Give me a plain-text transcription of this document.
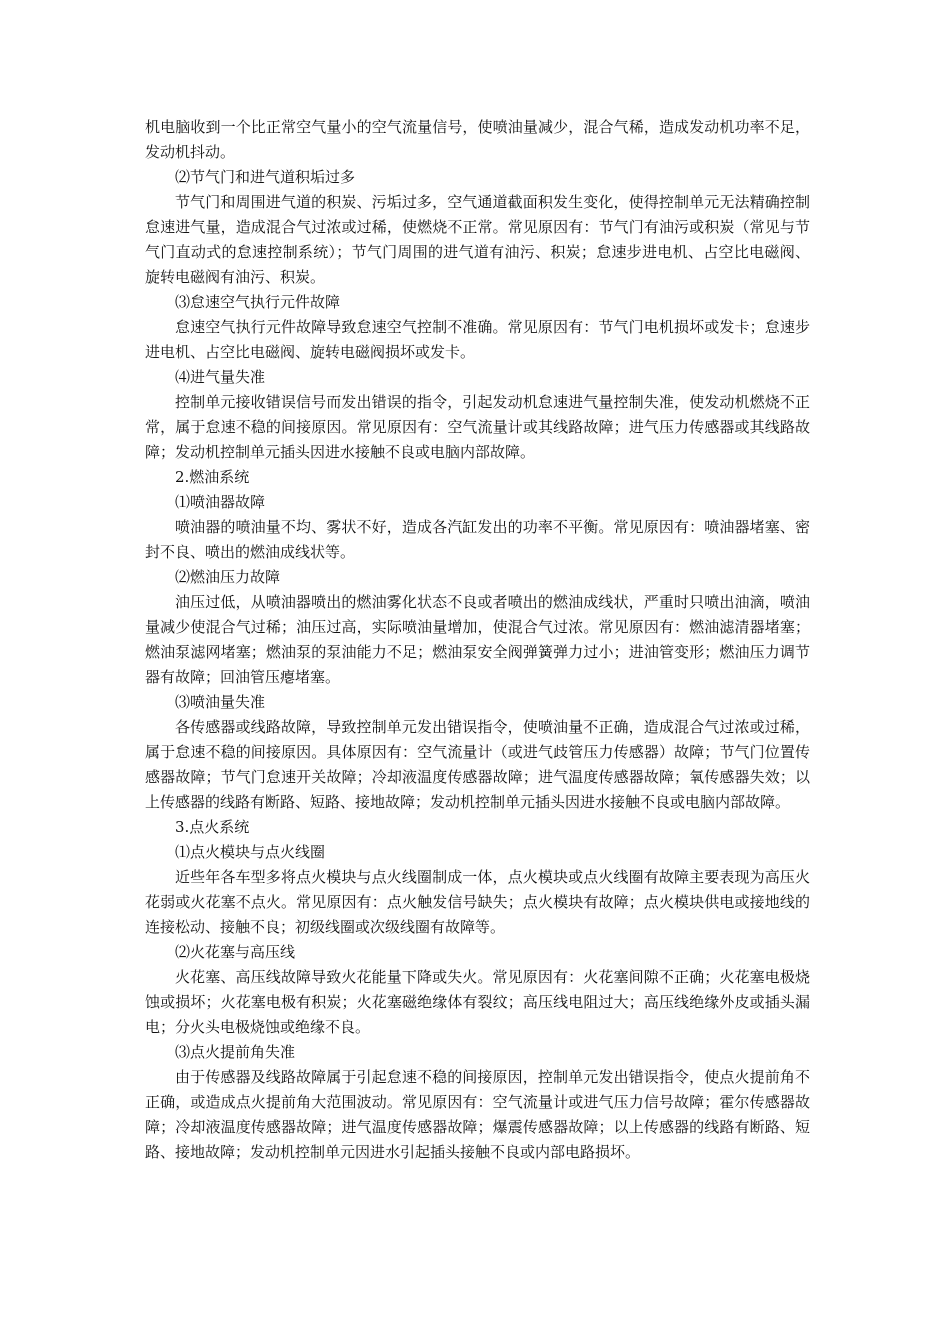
机电脑收到一个比正常空气量小的空气流量信号，使喷油量减少，混合气稀，造成发动机功率不足，发动机抖动。

⑵节气门和进气道积垢过多

节气门和周围进气道的积炭、污垢过多，空气通道截面积发生变化，使得控制单元无法精确控制怠速进气量，造成混合气过浓或过稀，使燃烧不正常。常见原因有：节气门有油污或积炭（常见与节气门直动式的怠速控制系统）；节气门周围的进气道有油污、积炭；怠速步进电机、占空比电磁阀、旋转电磁阀有油污、积炭。

⑶怠速空气执行元件故障

怠速空气执行元件故障导致怠速空气控制不准确。常见原因有：节气门电机损坏或发卡；怠速步进电机、占空比电磁阀、旋转电磁阀损坏或发卡。

⑷进气量失准

控制单元接收错误信号而发出错误的指令，引起发动机怠速进气量控制失准，使发动机燃烧不正常，属于怠速不稳的间接原因。常见原因有：空气流量计或其线路故障；进气压力传感器或其线路故障；发动机控制单元插头因进水接触不良或电脑内部故障。

2.燃油系统

⑴喷油器故障

喷油器的喷油量不均、雾状不好，造成各汽缸发出的功率不平衡。常见原因有：喷油器堵塞、密封不良、喷出的燃油成线状等。

⑵燃油压力故障

油压过低，从喷油器喷出的燃油雾化状态不良或者喷出的燃油成线状，严重时只喷出油滴，喷油量减少使混合气过稀；油压过高，实际喷油量增加，使混合气过浓。常见原因有：燃油滤清器堵塞；燃油泵滤网堵塞；燃油泵的泵油能力不足；燃油泵安全阀弹簧弹力过小；进油管变形；燃油压力调节器有故障；回油管压瘪堵塞。

⑶喷油量失准

各传感器或线路故障，导致控制单元发出错误指令，使喷油量不正确，造成混合气过浓或过稀，属于怠速不稳的间接原因。具体原因有：空气流量计（或进气歧管压力传感器）故障；节气门位置传感器故障；节气门怠速开关故障；冷却液温度传感器故障；进气温度传感器故障；氧传感器失效；以上传感器的线路有断路、短路、接地故障；发动机控制单元插头因进水接触不良或电脑内部故障。

3.点火系统

⑴点火模块与点火线圈

近些年各车型多将点火模块与点火线圈制成一体，点火模块或点火线圈有故障主要表现为高压火花弱或火花塞不点火。常见原因有：点火触发信号缺失；点火模块有故障；点火模块供电或接地线的连接松动、接触不良；初级线圈或次级线圈有故障等。

⑵火花塞与高压线

火花塞、高压线故障导致火花能量下降或失火。常见原因有：火花塞间隙不正确；火花塞电极烧蚀或损坏；火花塞电极有积炭；火花塞磁绝缘体有裂纹；高压线电阻过大；高压线绝缘外皮或插头漏电；分火头电极烧蚀或绝缘不良。

⑶点火提前角失准

由于传感器及线路故障属于引起怠速不稳的间接原因，控制单元发出错误指令，使点火提前角不正确，或造成点火提前角大范围波动。常见原因有：空气流量计或进气压力信号故障；霍尔传感器故障；冷却液温度传感器故障；进气温度传感器故障；爆震传感器故障；以上传感器的线路有断路、短路、接地故障；发动机控制单元因进水引起插头接触不良或内部电路损坏。
